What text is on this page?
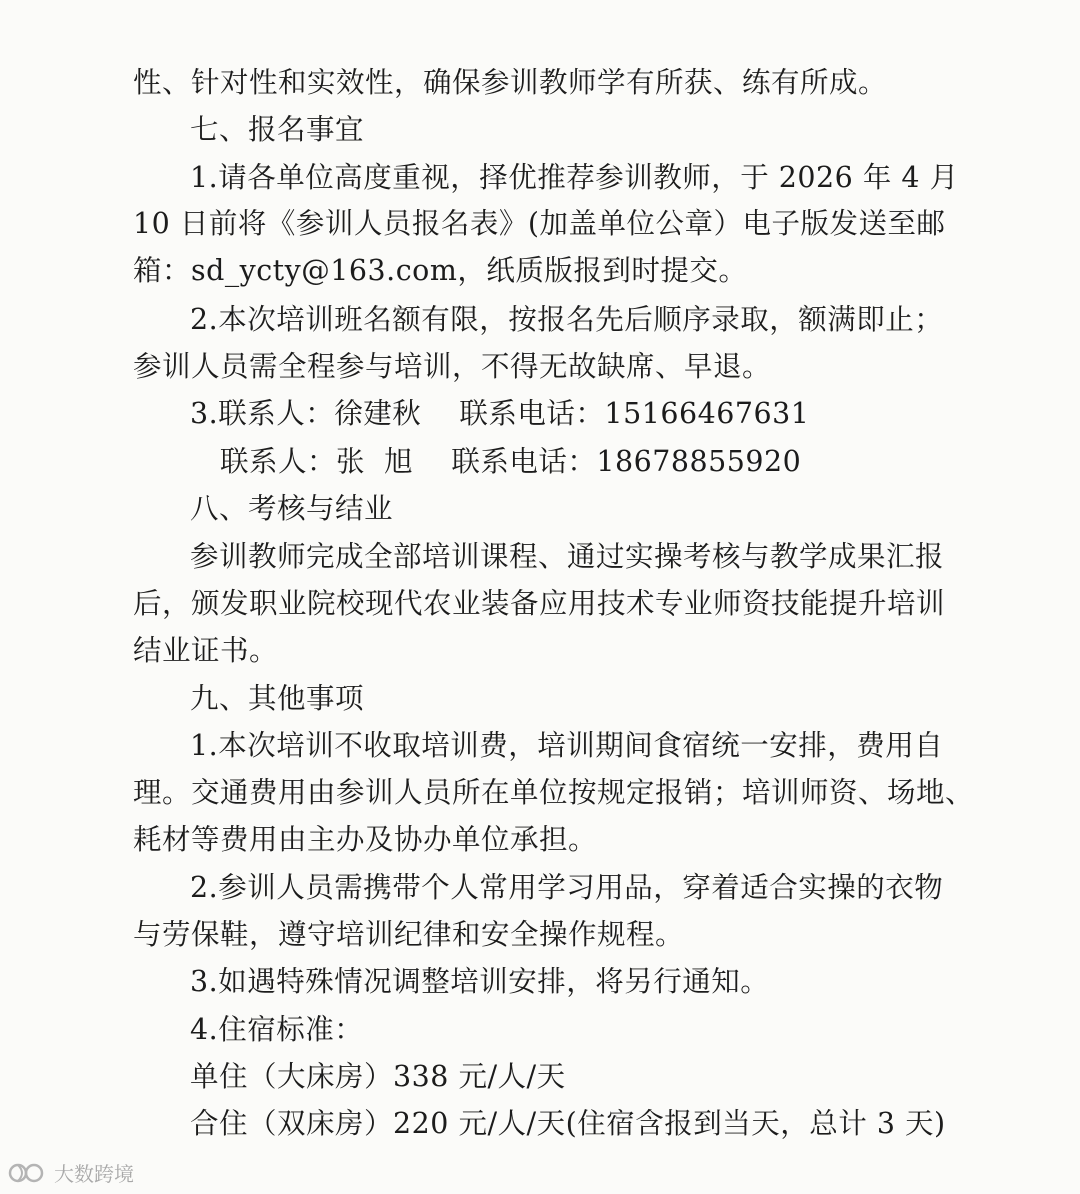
性、针对性和实效性，确保参训教师学有所获、练有所成。
七、报名事宜
1.请各单位高度重视，择优推荐参训教师，于 2026 年 4 月
10 日前将《参训人员报名表》(加盖单位公章）电子版发送至邮
箱：sd_ycty@163.com，纸质版报到时提交。
2.本次培训班名额有限，按报名先后顺序录取，额满即止；
参训人员需全程参与培训，不得无故缺席、早退。
3.联系人：徐建秋    联系电话：15166467631
联系人：张  旭    联系电话：18678855920
八、考核与结业
参训教师完成全部培训课程、通过实操考核与教学成果汇报
后，颁发职业院校现代农业装备应用技术专业师资技能提升培训
结业证书。
九、其他事项
1.本次培训不收取培训费，培训期间食宿统一安排，费用自
理。交通费用由参训人员所在单位按规定报销；培训师资、场地、
耗材等费用由主办及协办单位承担。
2.参训人员需携带个人常用学习用品，穿着适合实操的衣物
与劳保鞋，遵守培训纪律和安全操作规程。
3.如遇特殊情况调整培训安排，将另行通知。
4.住宿标准：
单住（大床房）338 元/人/天
合住（双床房）220 元/人/天(住宿含报到当天，总计 3 天)
大数跨境
